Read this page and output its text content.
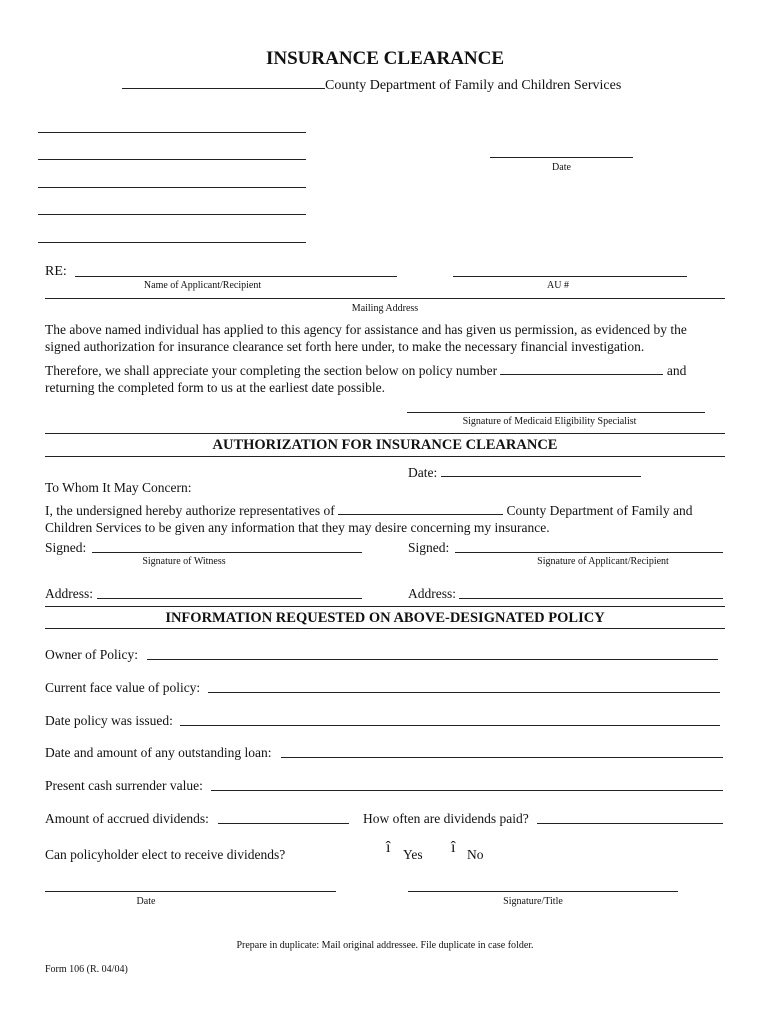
INSURANCE CLEARANCE
County Department of Family and Children Services
Date
RE:
Name of Applicant/Recipient	AU #
Mailing Address
The above named individual has applied to this agency for assistance and has given us permission, as evidenced by the signed authorization for insurance clearance set forth here under, to make the necessary financial investigation.
Therefore, we shall appreciate your completing the section below on policy number	and
returning the completed form to us at the earliest date possible.
Signature of Medicaid Eligibility Specialist
AUTHORIZATION FOR INSURANCE CLEARANCE
Date:
To Whom It May Concern:
I, the undersigned hereby authorize representatives of	County Department of Family and
Children Services to be given any information that they may desire concerning my insurance.
Signed:
Signature of Witness
Signed:
Signature of Applicant/Recipient
Address:	Address:
INFORMATION REQUESTED ON ABOVE-DESIGNATED POLICY
Owner of Policy:
Current face value of policy:
Date policy was issued:
Date and amount of any outstanding loan:
Present cash surrender value:
Amount of accrued dividends:	How often are dividends paid?
Can policyholder elect to receive dividends?	î Yes î No
Date	Signature/Title
Prepare in duplicate: Mail original addressee. File duplicate in case folder.
Form 106 (R. 04/04)
